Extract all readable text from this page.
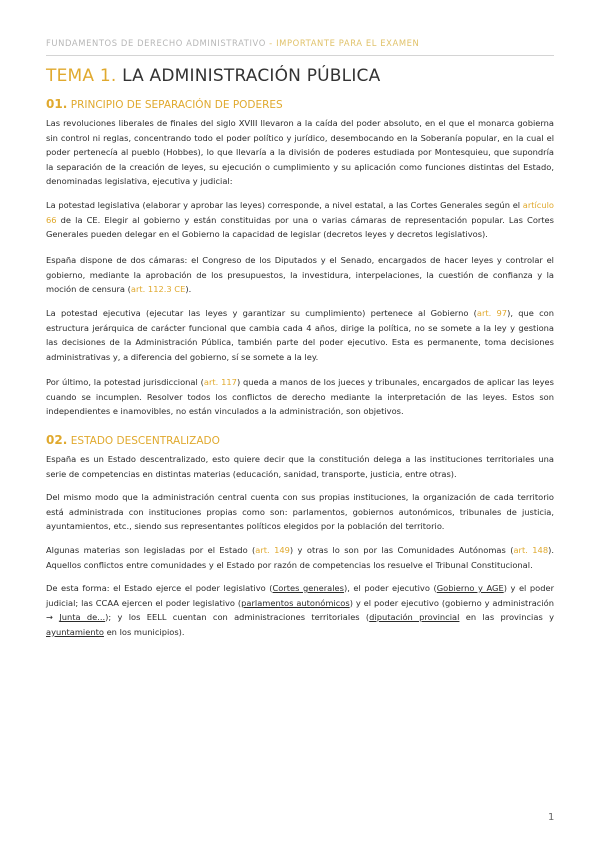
FUNDAMENTOS DE DERECHO ADMINISTRATIVO - IMPORTANTE PARA EL EXAMEN
TEMA 1. LA ADMINISTRACIÓN PÚBLICA
01. PRINCIPIO DE SEPARACIÓN DE PODERES

Las revoluciones liberales de finales del siglo XVIII llevaron a la caída del poder absoluto, en el que el monarca gobierna sin control ni reglas, concentrando todo el poder político y jurídico, desembocando en la Soberanía popular, en la cual el poder pertenecía al pueblo (Hobbes), lo que llevaría a la división de poderes estudiada por Montesquieu, que supondría la separación de la creación de leyes, su ejecución o cumplimiento y su aplicación como funciones distintas del Estado, denominadas legislativa, ejecutiva y judicial:

La potestad legislativa (elaborar y aprobar las leyes) corresponde, a nivel estatal, a las Cortes Generales según el artículo 66 de la CE. Elegir al gobierno y están constituidas por una o varias cámaras de representación popular. Las Cortes Generales pueden delegar en el Gobierno la capacidad de legislar (decretos leyes y decretos legislativos).

España dispone de dos cámaras: el Congreso de los Diputados y el Senado, encargados de hacer leyes y controlar el gobierno, mediante la aprobación de los presupuestos, la investidura, interpelaciones, la cuestión de confianza y la moción de censura (art. 112.3 CE).

La potestad ejecutiva (ejecutar las leyes y garantizar su cumplimiento) pertenece al Gobierno (art. 97), que con estructura jerárquica de carácter funcional que cambia cada 4 años, dirige la política, no se somete a la ley y gestiona las decisiones de la Administración Pública, también parte del poder ejecutivo. Esta es permanente, toma decisiones administrativas y, a diferencia del gobierno, sí se somete a la ley.

Por último, la potestad jurisdiccional (art. 117) queda a manos de los jueces y tribunales, encargados de aplicar las leyes cuando se incumplen. Resolver todos los conflictos de derecho mediante la interpretación de las leyes. Estos son independientes e inamovibles, no están vinculados a la administración, son objetivos.

02. ESTADO DESCENTRALIZADO

España es un Estado descentralizado, esto quiere decir que la constitución delega a las instituciones territoriales una serie de competencias en distintas materias (educación, sanidad, transporte, justicia, entre otras).

Del mismo modo que la administración central cuenta con sus propias instituciones, la organización de cada territorio está administrada con instituciones propias como son: parlamentos, gobiernos autonómicos, tribunales de justicia, ayuntamientos, etc., siendo sus representantes políticos elegidos por la población del territorio.

Algunas materias son legisladas por el Estado (art. 149) y otras lo son por las Comunidades Autónomas (art. 148). Aquellos conflictos entre comunidades y el Estado por razón de competencias los resuelve el Tribunal Constitucional.

De esta forma: el Estado ejerce el poder legislativo (Cortes generales), el poder ejecutivo (Gobierno y AGE) y el poder judicial; las CCAA ejercen el poder legislativo (parlamentos autonómicos) y el poder ejecutivo (gobierno y administración → Junta de...); y los EELL cuentan con administraciones territoriales (diputación provincial en las provincias y ayuntamiento en los municipios).

1
